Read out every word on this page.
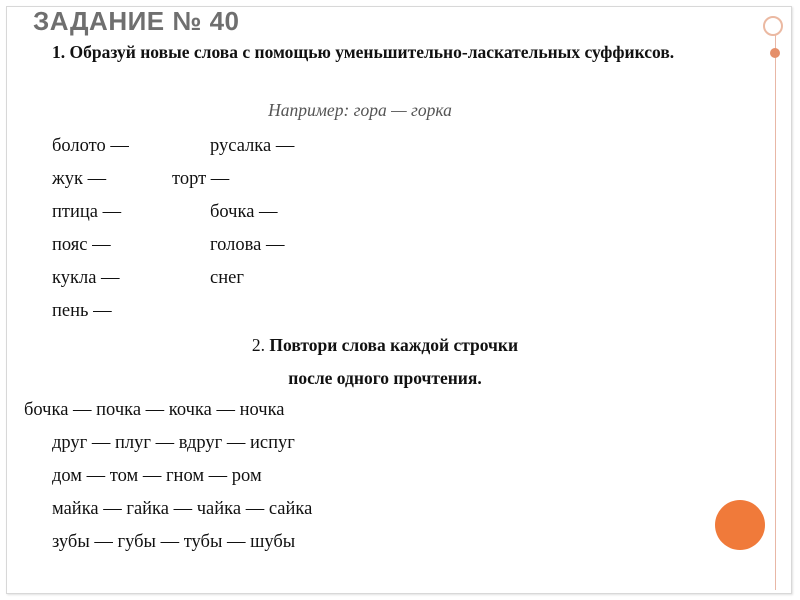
ЗАДАНИЕ № 40
1. Образуй новые слова с помощью уменьшительно-ласкательных суффиксов.
Например: гора — горка
болото —
жук —
птица —
пояс —
кукла —
пень —
русалка —
торт —
бочка —
голова —
снег
2. Повтори слова каждой строчки
после одного прочтения.
бочка — почка — кочка — ночка
друг — плуг — вдруг — испуг
дом — том — гном — ром
майка — гайка — чайка — сайка
зубы — губы — тубы — шубы
